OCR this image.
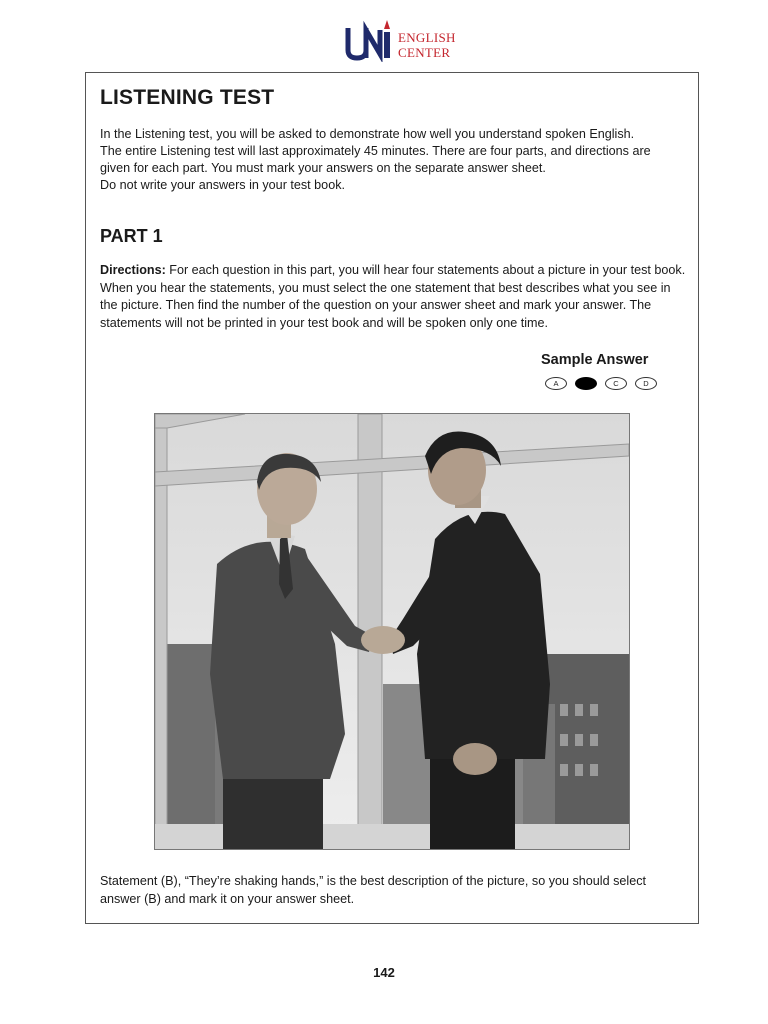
ENGLISH
CENTER
LISTENING TEST

In the Listening test, you will be asked to demonstrate how well you understand spoken English.
The entire Listening test will last approximately 45 minutes. There are four parts, and directions are
given for each part. You must mark your answers on the separate answer sheet.
Do not write your answers in your test book.

PART 1

Directions: For each question in this part, you will hear four statements about a picture in your test book. When you hear the statements, you must select the one statement that best describes what you see in the picture. Then find the number of the question on your answer sheet and mark your answer. The statements will not be printed in your test book and will be spoken only one time.

Sample Answer
A	B	C	D

Statement (B), “They’re shaking hands,” is the best description of the picture, so you should select answer (B) and mark it on your answer sheet.

142
